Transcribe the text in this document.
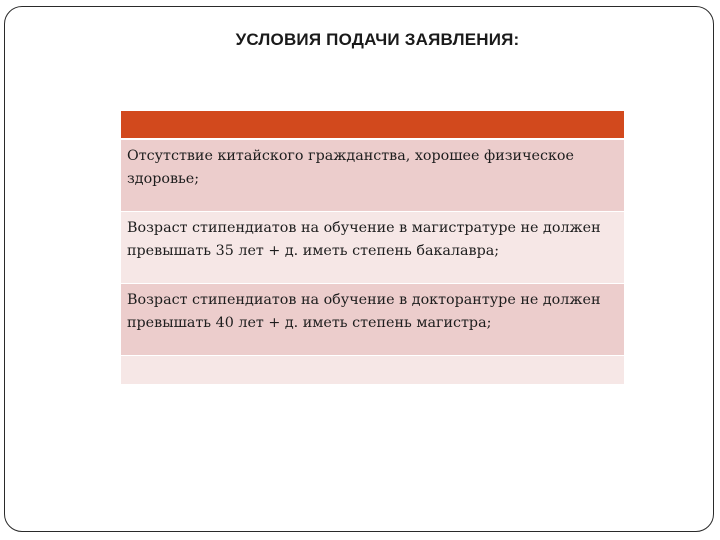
УСЛОВИЯ ПОДАЧИ ЗАЯВЛЕНИЯ:
Отсутствие китайского гражданства, хорошее физическое здоровье;
Возраст стипендиатов на обучение в магистратуре не должен превышать 35 лет + д. иметь степень бакалавра;
Возраст стипендиатов на обучение в докторантуре не должен превышать 40 лет + д. иметь степень магистра;
